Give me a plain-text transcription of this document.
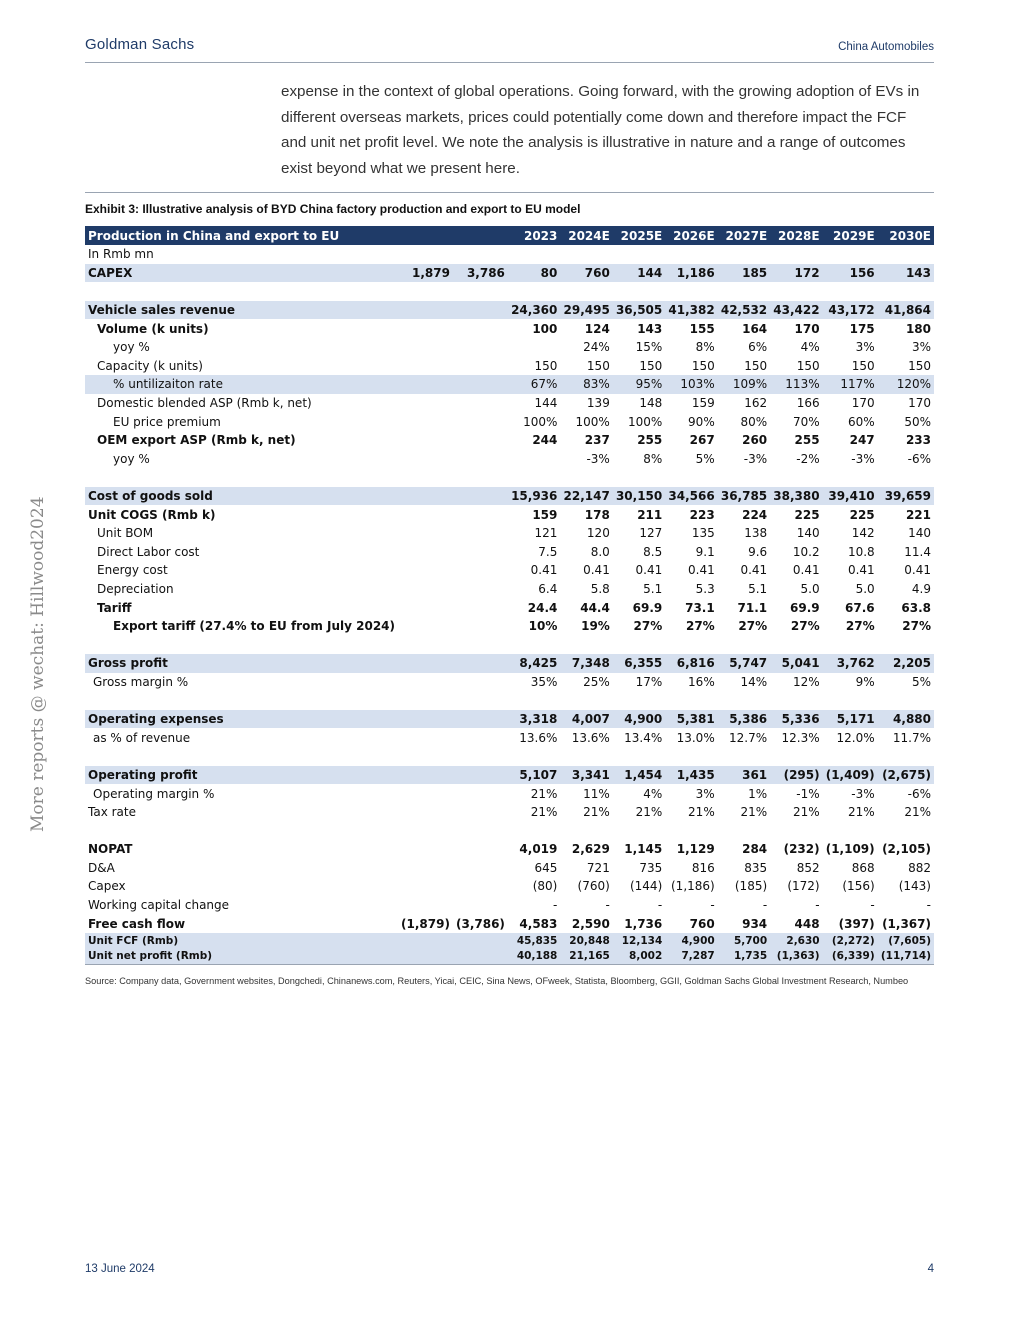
Goldman Sachs	China Automobiles
expense in the context of global operations. Going forward, with the growing adoption of EVs in different overseas markets, prices could potentially come down and therefore impact the FCF and unit net profit level. We note the analysis is illustrative in nature and a range of outcomes exist beyond what we present here.
Exhibit 3: Illustrative analysis of BYD China factory production and export to EU model
Production in China and export to EU			2023	2024E	2025E	2026E	2027E	2028E	2029E	2030E
In Rmb mn										
CAPEX	1,879	3,786	80	760	144	1,186	185	172	156	143

Vehicle sales revenue			24,360	29,495	36,505	41,382	42,532	43,422	43,172	41,864
Volume (k units)			100	124	143	155	164	170	175	180
yoy %				24%	15%	8%	6%	4%	3%	3%
Capacity (k units)			150	150	150	150	150	150	150	150
% untilizaiton rate			67%	83%	95%	103%	109%	113%	117%	120%
Domestic blended ASP (Rmb k, net)			144	139	148	159	162	166	170	170
EU price premium			100%	100%	100%	90%	80%	70%	60%	50%
OEM export ASP (Rmb k, net)			244	237	255	267	260	255	247	233
yoy %				-3%	8%	5%	-3%	-2%	-3%	-6%

Cost of goods sold			15,936	22,147	30,150	34,566	36,785	38,380	39,410	39,659
Unit COGS (Rmb k)			159	178	211	223	224	225	225	221
Unit BOM			121	120	127	135	138	140	142	140
Direct Labor cost			7.5	8.0	8.5	9.1	9.6	10.2	10.8	11.4
Energy cost			0.41	0.41	0.41	0.41	0.41	0.41	0.41	0.41
Depreciation			6.4	5.8	5.1	5.3	5.1	5.0	5.0	4.9
Tariff			24.4	44.4	69.9	73.1	71.1	69.9	67.6	63.8
Export tariff (27.4% to EU from July 2024)			10%	19%	27%	27%	27%	27%	27%	27%

Gross profit			8,425	7,348	6,355	6,816	5,747	5,041	3,762	2,205
Gross margin %			35%	25%	17%	16%	14%	12%	9%	5%

Operating expenses			3,318	4,007	4,900	5,381	5,386	5,336	5,171	4,880
as % of revenue			13.6%	13.6%	13.4%	13.0%	12.7%	12.3%	12.0%	11.7%

Operating profit			5,107	3,341	1,454	1,435	361	(295)	(1,409)	(2,675)
Operating margin %			21%	11%	4%	3%	1%	-1%	-3%	-6%
Tax rate			21%	21%	21%	21%	21%	21%	21%	21%

NOPAT			4,019	2,629	1,145	1,129	284	(232)	(1,109)	(2,105)
D&A			645	721	735	816	835	852	868	882
Capex			(80)	(760)	(144)	(1,186)	(185)	(172)	(156)	(143)
Working capital change			-	-	-	-	-	-	-	-
Free cash flow	(1,879)	(3,786)	4,583	2,590	1,736	760	934	448	(397)	(1,367)
Unit FCF (Rmb)			45,835	20,848	12,134	4,900	5,700	2,630	(2,272)	(7,605)
Unit net profit (Rmb)			40,188	21,165	8,002	7,287	1,735	(1,363)	(6,339)	(11,714)
Source: Company data, Government websites, Dongchedi, Chinanews.com, Reuters, Yicai, CEIC, Sina News, OFweek, Statista, Bloomberg, GGII, Goldman Sachs Global Investment Research, Numbeo
13 June 2024	4
More reports @ wechat: Hillwood2024
